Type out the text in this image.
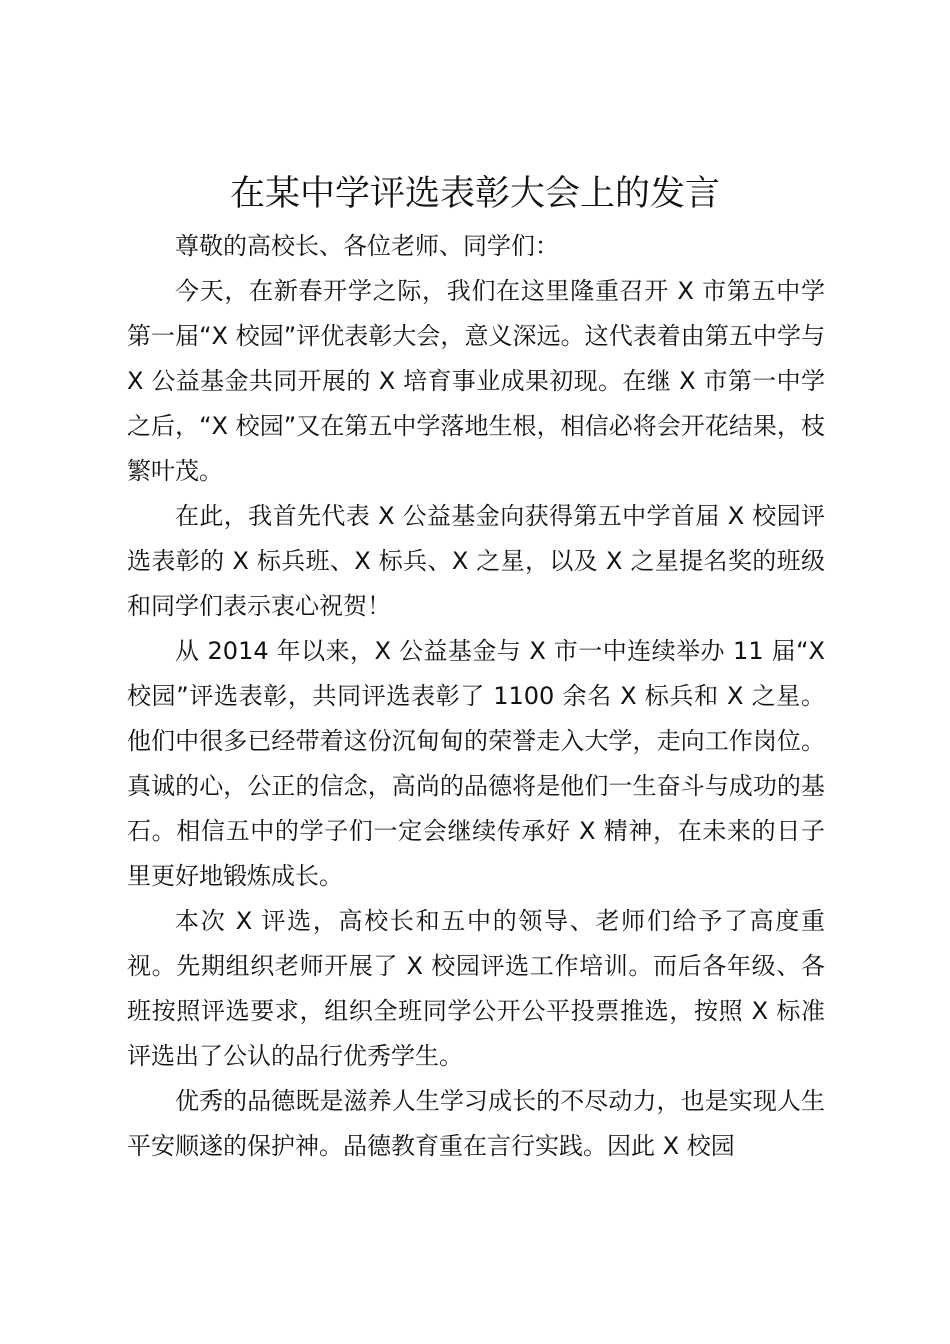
在某中学评选表彰大会上的发言

尊敬的高校长、各位老师、同学们：

今天，在新春开学之际，我们在这里隆重召开 X 市第五中学第一届“X 校园”评优表彰大会，意义深远。这代表着由第五中学与 X 公益基金共同开展的 X 培育事业成果初现。在继 X 市第一中学之后，“X 校园”又在第五中学落地生根，相信必将会开花结果，枝繁叶茂。

在此，我首先代表 X 公益基金向获得第五中学首届 X 校园评选表彰的 X 标兵班、X 标兵、X 之星，以及 X 之星提名奖的班级和同学们表示衷心祝贺！

从 2014 年以来，X 公益基金与 X 市一中连续举办 11 届“X 校园”评选表彰，共同评选表彰了 1100 余名 X 标兵和 X 之星。他们中很多已经带着这份沉甸甸的荣誉走入大学，走向工作岗位。真诚的心，公正的信念，高尚的品德将是他们一生奋斗与成功的基石。相信五中的学子们一定会继续传承好 X 精神，在未来的日子里更好地锻炼成长。

本次 X 评选，高校长和五中的领导、老师们给予了高度重视。先期组织老师开展了 X 校园评选工作培训。而后各年级、各班按照评选要求，组织全班同学公开公平投票推选，按照 X 标准评选出了公认的品行优秀学生。

优秀的品德既是滋养人生学习成长的不尽动力，也是实现人生平安顺遂的保护神。品德教育重在言行实践。因此 X 校园
